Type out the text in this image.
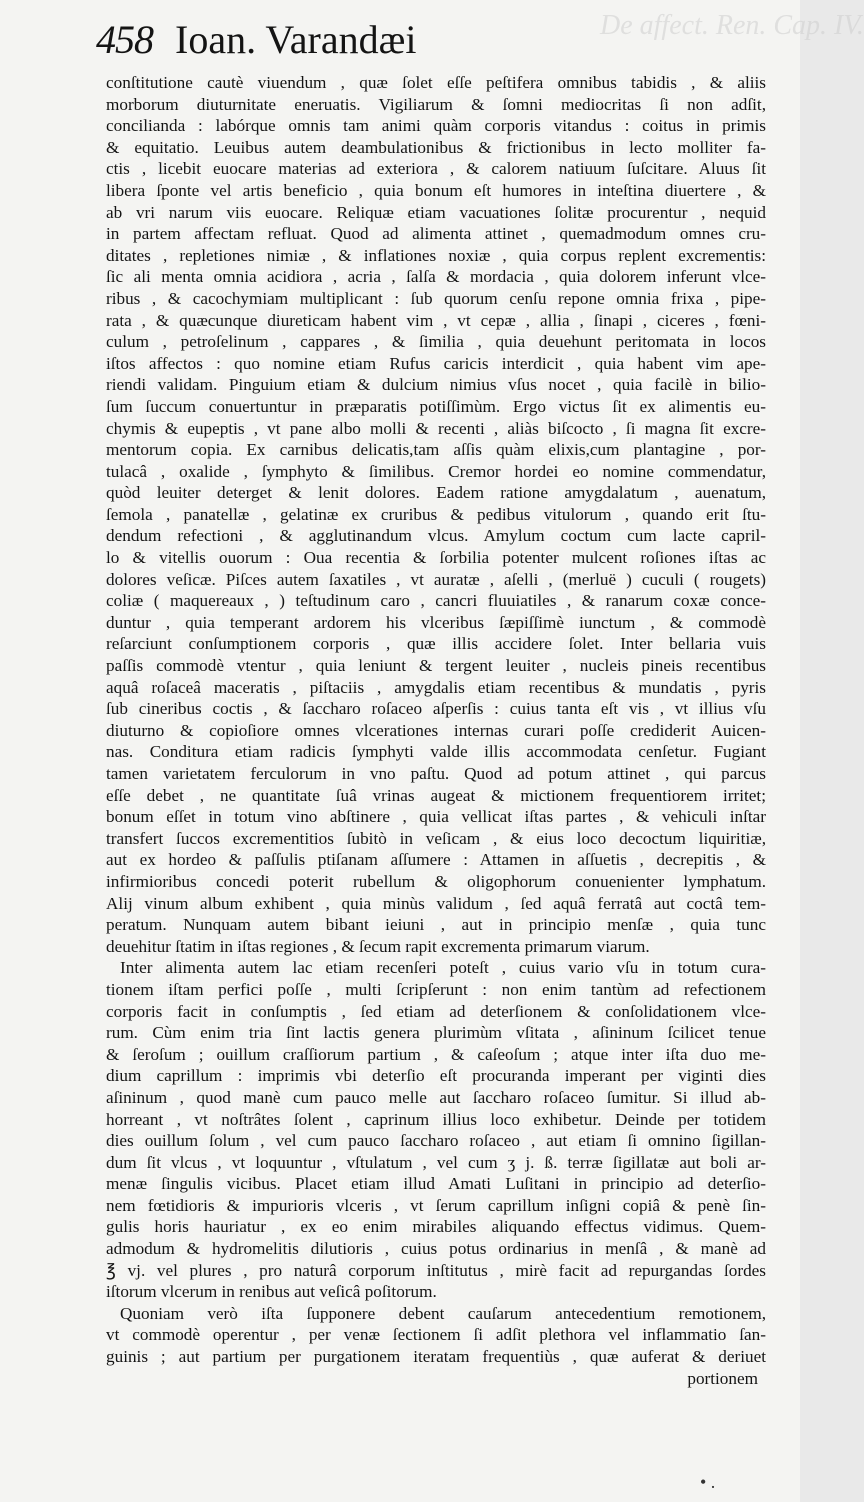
De affect. Ren. Cap. IV.
458 Ioan. Varandæi
conſtitutione cautè viuendum , quæ ſolet eſſe peſtifera omnibus tabidis , & aliis
morborum diuturnitate eneruatis. Vigiliarum & ſomni mediocritas ſi non adſit,
concilianda : labórque omnis tam animi quàm corporis vitandus : coitus in primis
& equitatio. Leuibus autem deambulationibus & frictionibus in lecto molliter fa-
ctis , licebit euocare materias ad exteriora , & calorem natiuum ſuſcitare. Aluus ſit
libera ſponte vel artis beneficio , quia bonum eſt humores in inteſtina diuertere , &
ab vri narum viis euocare. Reliquæ etiam vacuationes ſolitæ procurentur , nequid
in partem affectam refluat. Quod ad alimenta attinet , quemadmodum omnes cru-
ditates , repletiones nimiæ , & inflationes noxiæ , quia corpus replent excrementis:
ſic ali menta omnia acidiora , acria , ſalſa & mordacia , quia dolorem inferunt vlce-
ribus , & cacochymiam multiplicant : ſub quorum cenſu repone omnia frixa , pipe-
rata , & quæcunque diureticam habent vim , vt cepæ , allia , ſinapi , ciceres , fœni-
culum , petroſelinum , cappares , & ſimilia , quia deuehunt peritomata in locos
iſtos affectos : quo nomine etiam Rufus caricis interdicit , quia habent vim ape-
riendi validam. Pinguium etiam & dulcium nimius vſus nocet , quia facilè in bilio-
ſum ſuccum conuertuntur in præparatis potiſſimùm. Ergo victus ſit ex alimentis eu-
chymis & eupeptis , vt pane albo molli & recenti , aliàs biſcocto , ſi magna ſit excre-
mentorum copia. Ex carnibus delicatis,tam aſſis quàm elixis,cum plantagine , por-
tulacâ , oxalide , ſymphyto & ſimilibus. Cremor hordei eo nomine commendatur,
quòd leuiter deterget & lenit dolores. Eadem ratione amygdalatum , auenatum,
ſemola , panatellæ , gelatinæ ex cruribus & pedibus vitulorum , quando erit ſtu-
dendum refectioni , & agglutinandum vlcus. Amylum coctum cum lacte capril-
lo & vitellis ouorum : Oua recentia & ſorbilia potenter mulcent roſiones iſtas ac
dolores veſicæ. Piſces autem ſaxatiles , vt auratæ , aſelli , (merluë ) cuculi ( rougets)
coliæ ( maquereaux , ) teſtudinum caro , cancri fluuiatiles , & ranarum coxæ conce-
duntur , quia temperant ardorem his vlceribus ſæpiſſimè iunctum , & commodè
reſarciunt conſumptionem corporis , quæ illis accidere ſolet. Inter bellaria vuis
paſſis commodè vtentur , quia leniunt & tergent leuiter , nucleis pineis recentibus
aquâ roſaceâ maceratis , piſtaciis , amygdalis etiam recentibus & mundatis , pyris
ſub cineribus coctis , & ſaccharo roſaceo aſperſis : cuius tanta eſt vis , vt illius vſu
diuturno & copioſiore omnes vlcerationes internas curari poſſe crediderit Auicen-
nas. Conditura etiam radicis ſymphyti valde illis accommodata cenſetur. Fugiant
tamen varietatem ferculorum in vno paſtu. Quod ad potum attinet , qui parcus
eſſe debet , ne quantitate ſuâ vrinas augeat & mictionem frequentiorem irritet;
bonum eſſet in totum vino abſtinere , quia vellicat iſtas partes , & vehiculi inſtar
transfert ſuccos excrementitios ſubitò in veſicam , & eius loco decoctum liquiritiæ,
aut ex hordeo & paſſulis ptiſanam aſſumere : Attamen in aſſuetis , decrepitis , &
infirmioribus concedi poterit rubellum & oligophorum conuenienter lymphatum.
Alij vinum album exhibent , quia minùs validum , ſed aquâ ferratâ aut coctâ tem-
peratum. Nunquam autem bibant ieiuni , aut in principio menſæ , quia tunc
deuehitur ſtatim in iſtas regiones , & ſecum rapit excrementa primarum viarum.
Inter alimenta autem lac etiam recenſeri poteſt , cuius vario vſu in totum cura-
tionem iſtam perfici poſſe , multi ſcripſerunt : non enim tantùm ad refectionem
corporis facit in conſumptis , ſed etiam ad deterſionem & conſolidationem vlce-
rum. Cùm enim tria ſint lactis genera plurimùm vſitata , aſininum ſcilicet tenue
& ſeroſum ; ouillum craſſiorum partium , & caſeoſum ; atque inter iſta duo me-
dium caprillum : imprimis vbi deterſio eſt procuranda imperant per viginti dies
aſininum , quod manè cum pauco melle aut ſaccharo roſaceo ſumitur. Si illud ab-
horreant , vt noſtrâtes ſolent , caprinum illius loco exhibetur. Deinde per totidem
dies ouillum ſolum , vel cum pauco ſaccharo roſaceo , aut etiam ſi omnino ſigillan-
dum ſit vlcus , vt loquuntur , vſtulatum , vel cum ʒ j. ß. terræ ſigillatæ aut boli ar-
menæ ſingulis vicibus. Placet etiam illud Amati Luſitani in principio ad deterſio-
nem fœtidioris & impurioris vlceris , vt ſerum caprillum inſigni copiâ & penè ſin-
gulis horis hauriatur , ex eo enim mirabiles aliquando effectus vidimus. Quem-
admodum & hydromelitis dilutioris , cuius potus ordinarius in menſâ , & manè ad
℥ vj. vel plures , pro naturâ corporum inſtitutus , mirè facit ad repurgandas ſordes
iſtorum vlcerum in renibus aut veſicâ poſitorum.
Quoniam verò iſta ſupponere debent cauſarum antecedentium remotionem,
vt commodè operentur , per venæ ſectionem ſi adſit plethora vel inflammatio ſan-
guinis ; aut partium per purgationem iteratam frequentiùs , quæ auferat & deriuet
portionem
• .
